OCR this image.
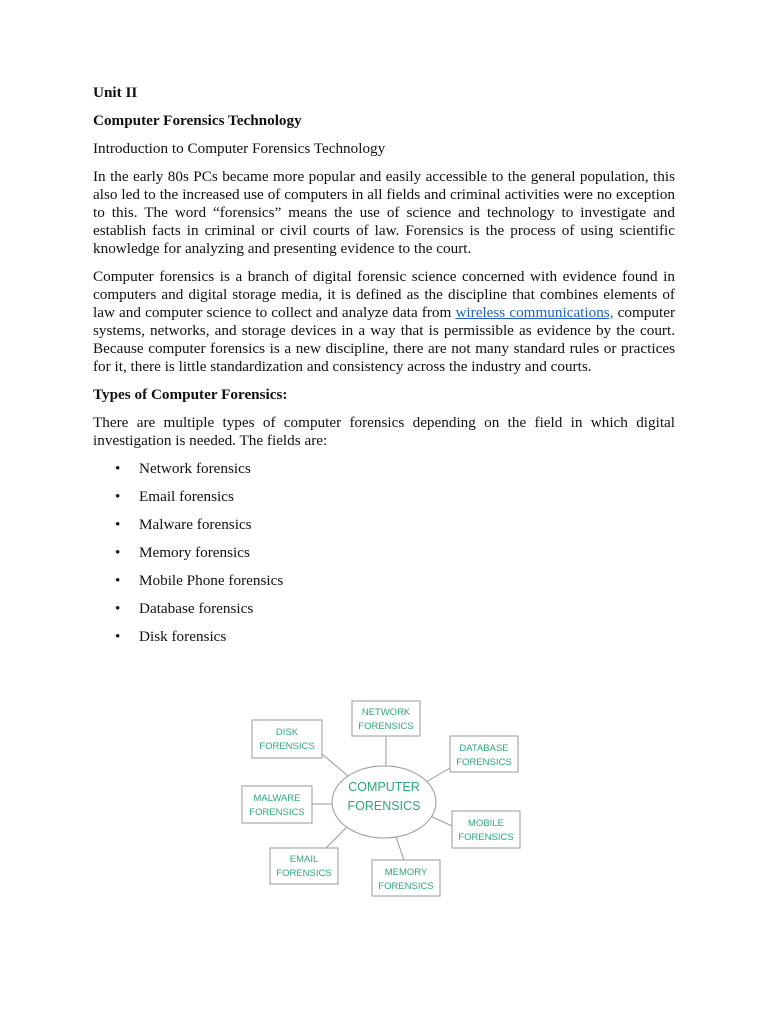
Unit II

Computer Forensics Technology

Introduction to Computer Forensics Technology

In the early 80s PCs became more popular and easily accessible to the general population, this also led to the increased use of computers in all fields and criminal activities were no exception to this. The word “forensics” means the use of science and technology to investigate and establish facts in criminal or civil courts of law. Forensics is the process of using scientific knowledge for analyzing and presenting evidence to the court.

Computer forensics is a branch of digital forensic science concerned with evidence found in computers and digital storage media, it is defined as the discipline that combines elements of law and computer science to collect and analyze data from wireless communications, computer systems, networks, and storage devices in a way that is permissible as evidence by the court. Because computer forensics is a new discipline, there are not many standard rules or practices for it, there is little standardization and consistency across the industry and courts.

Types of Computer Forensics:

There are multiple types of computer forensics depending on the field in which digital investigation is needed. The fields are:

• Network forensics
• Email forensics
• Malware forensics
• Memory forensics
• Mobile Phone forensics
• Database forensics
• Disk forensics
COMPUTER
FORENSICS
NETWORK
FORENSICS
DISK
FORENSICS	DATABASE
FORENSICS
MALWARE
FORENSICS
MOBILE
FORENSICS
EMAIL
FORENSICS	MEMORY
FORENSICS
